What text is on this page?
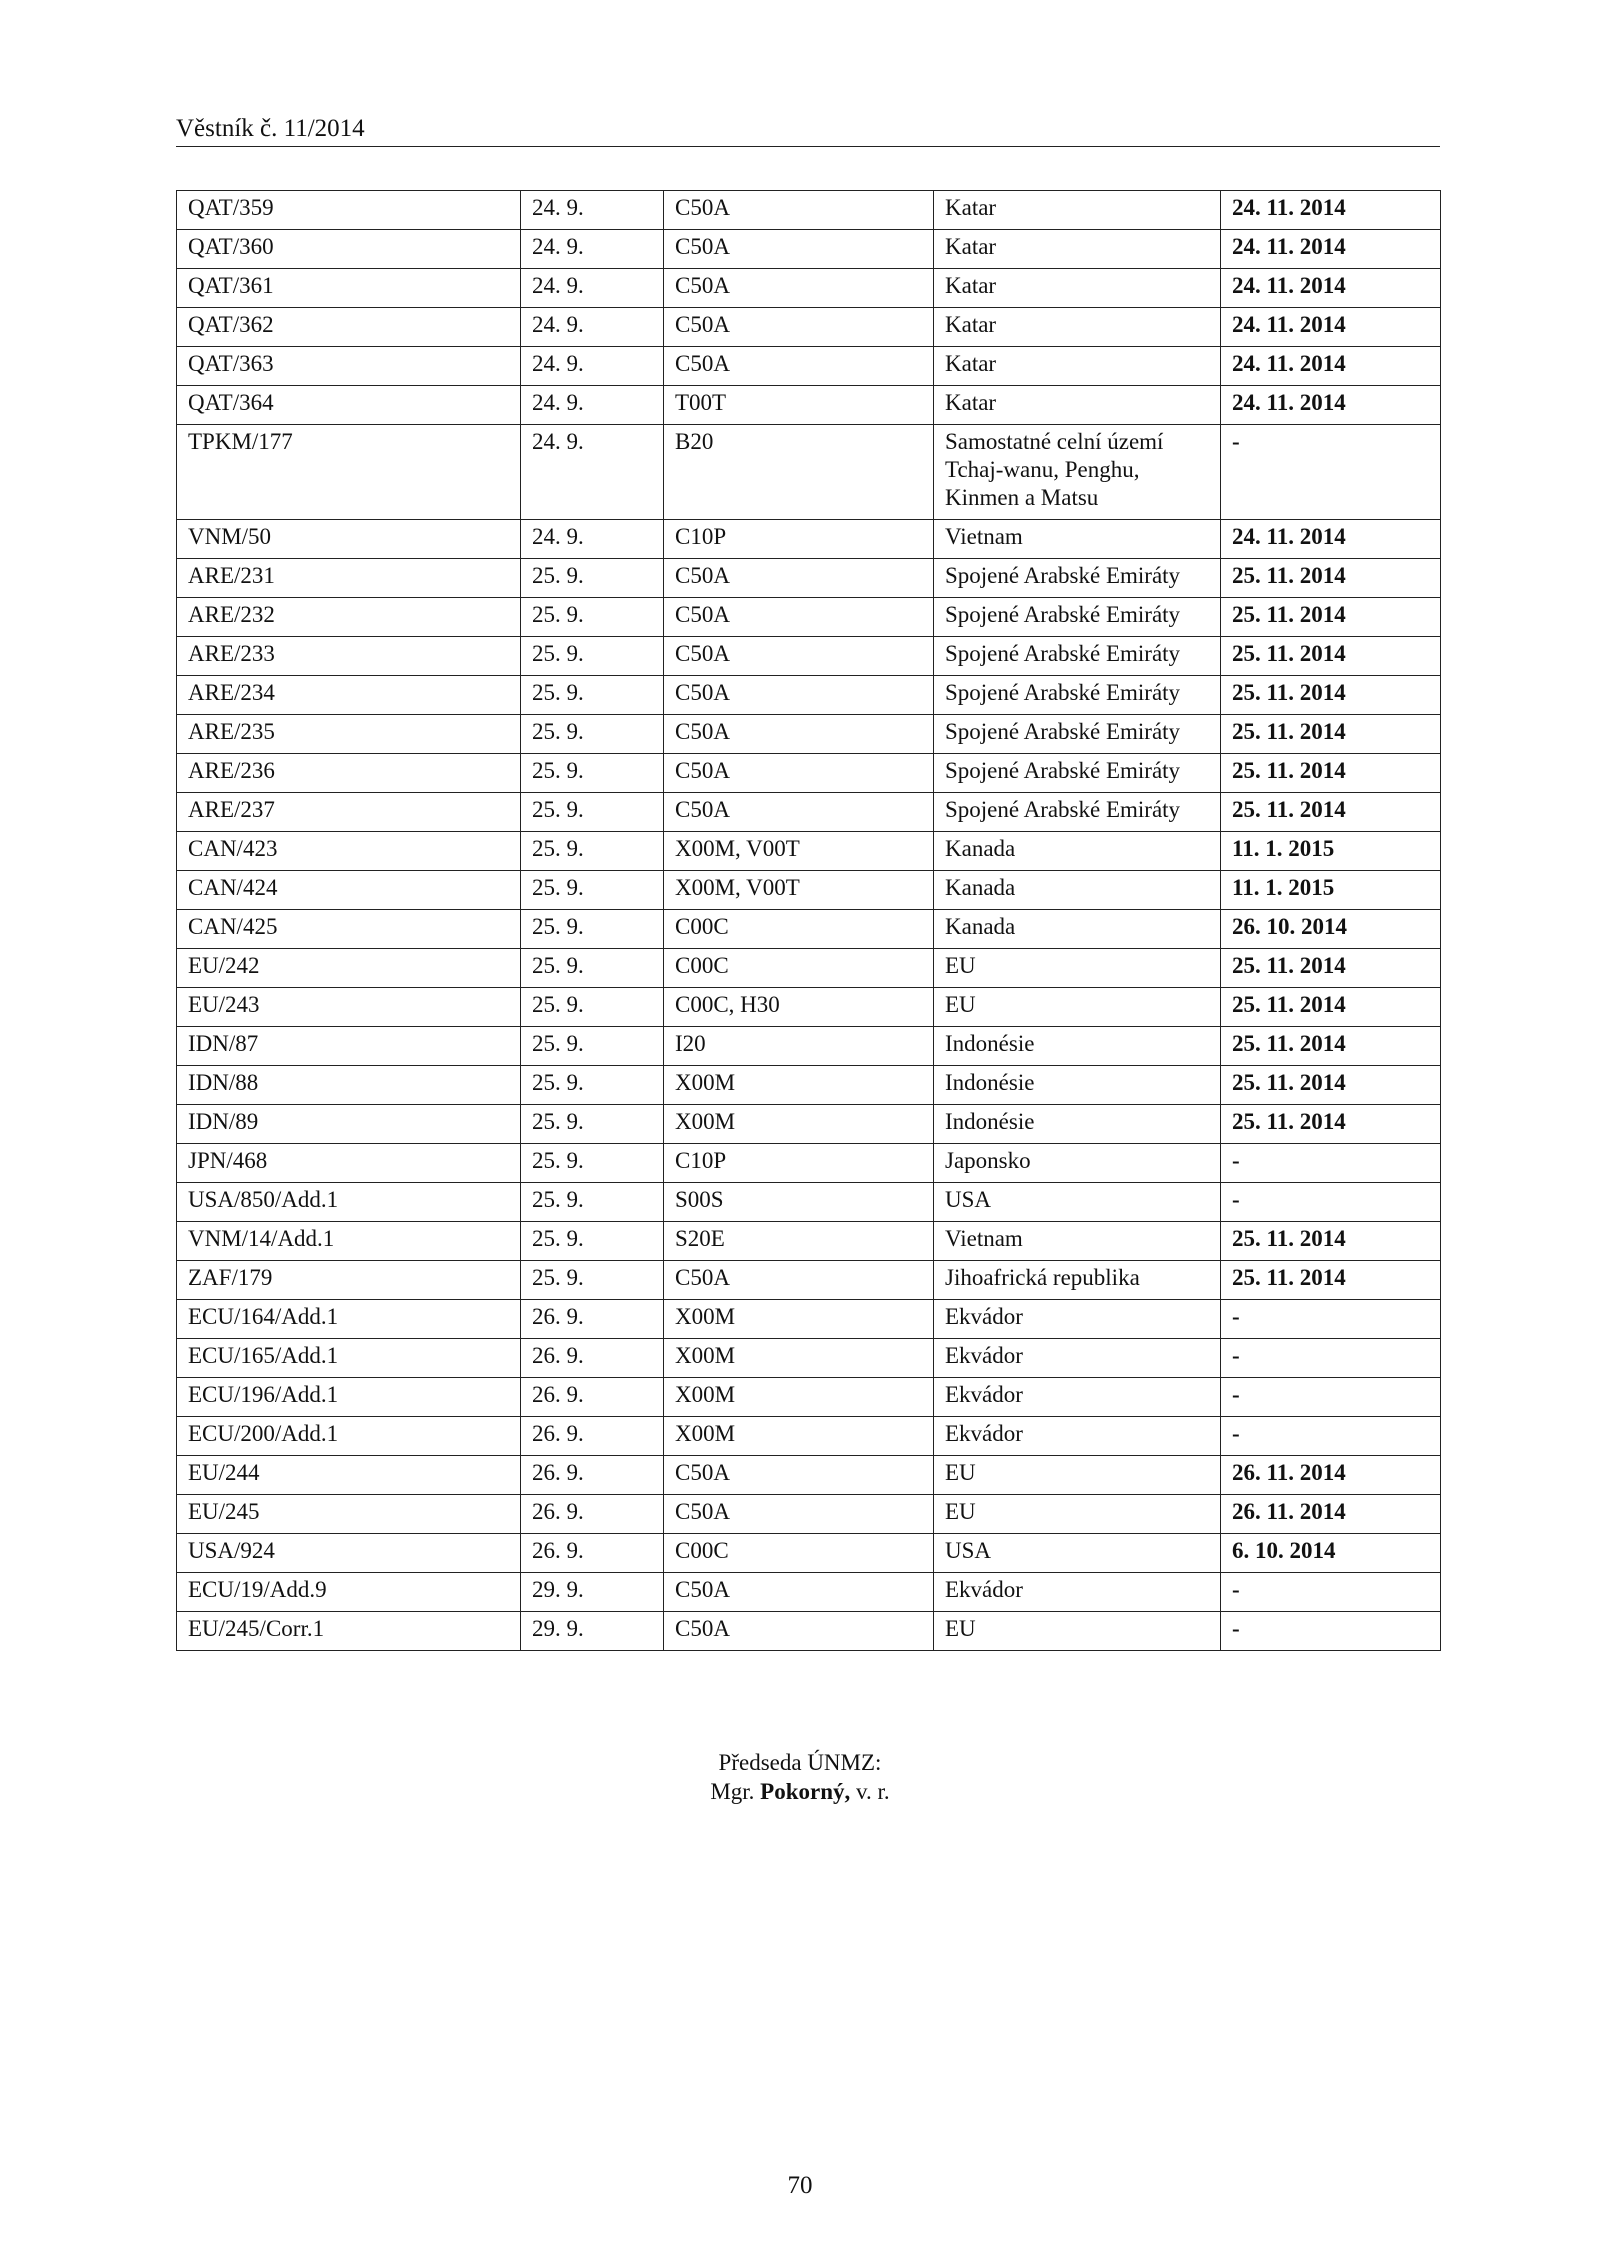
Věstník č. 11/2014
QAT/359	24. 9.	C50A	Katar	24. 11. 2014
QAT/360	24. 9.	C50A	Katar	24. 11. 2014
QAT/361	24. 9.	C50A	Katar	24. 11. 2014
QAT/362	24. 9.	C50A	Katar	24. 11. 2014
QAT/363	24. 9.	C50A	Katar	24. 11. 2014
QAT/364	24. 9.	T00T	Katar	24. 11. 2014
TPKM/177	24. 9.	B20	Samostatné celní území Tchaj-wanu, Penghu, Kinmen a Matsu	-
VNM/50	24. 9.	C10P	Vietnam	24. 11. 2014
ARE/231	25. 9.	C50A	Spojené Arabské Emiráty	25. 11. 2014
ARE/232	25. 9.	C50A	Spojené Arabské Emiráty	25. 11. 2014
ARE/233	25. 9.	C50A	Spojené Arabské Emiráty	25. 11. 2014
ARE/234	25. 9.	C50A	Spojené Arabské Emiráty	25. 11. 2014
ARE/235	25. 9.	C50A	Spojené Arabské Emiráty	25. 11. 2014
ARE/236	25. 9.	C50A	Spojené Arabské Emiráty	25. 11. 2014
ARE/237	25. 9.	C50A	Spojené Arabské Emiráty	25. 11. 2014
CAN/423	25. 9.	X00M, V00T	Kanada	11. 1. 2015
CAN/424	25. 9.	X00M, V00T	Kanada	11. 1. 2015
CAN/425	25. 9.	C00C	Kanada	26. 10. 2014
EU/242	25. 9.	C00C	EU	25. 11. 2014
EU/243	25. 9.	C00C, H30	EU	25. 11. 2014
IDN/87	25. 9.	I20	Indonésie	25. 11. 2014
IDN/88	25. 9.	X00M	Indonésie	25. 11. 2014
IDN/89	25. 9.	X00M	Indonésie	25. 11. 2014
JPN/468	25. 9.	C10P	Japonsko	-
USA/850/Add.1	25. 9.	S00S	USA	-
VNM/14/Add.1	25. 9.	S20E	Vietnam	25. 11. 2014
ZAF/179	25. 9.	C50A	Jihoafrická republika	25. 11. 2014
ECU/164/Add.1	26. 9.	X00M	Ekvádor	-
ECU/165/Add.1	26. 9.	X00M	Ekvádor	-
ECU/196/Add.1	26. 9.	X00M	Ekvádor	-
ECU/200/Add.1	26. 9.	X00M	Ekvádor	-
EU/244	26. 9.	C50A	EU	26. 11. 2014
EU/245	26. 9.	C50A	EU	26. 11. 2014
USA/924	26. 9.	C00C	USA	6. 10. 2014
ECU/19/Add.9	29. 9.	C50A	Ekvádor	-
EU/245/Corr.1	29. 9.	C50A	EU	-
Předseda ÚNMZ:
Mgr. Pokorný, v. r.
70
